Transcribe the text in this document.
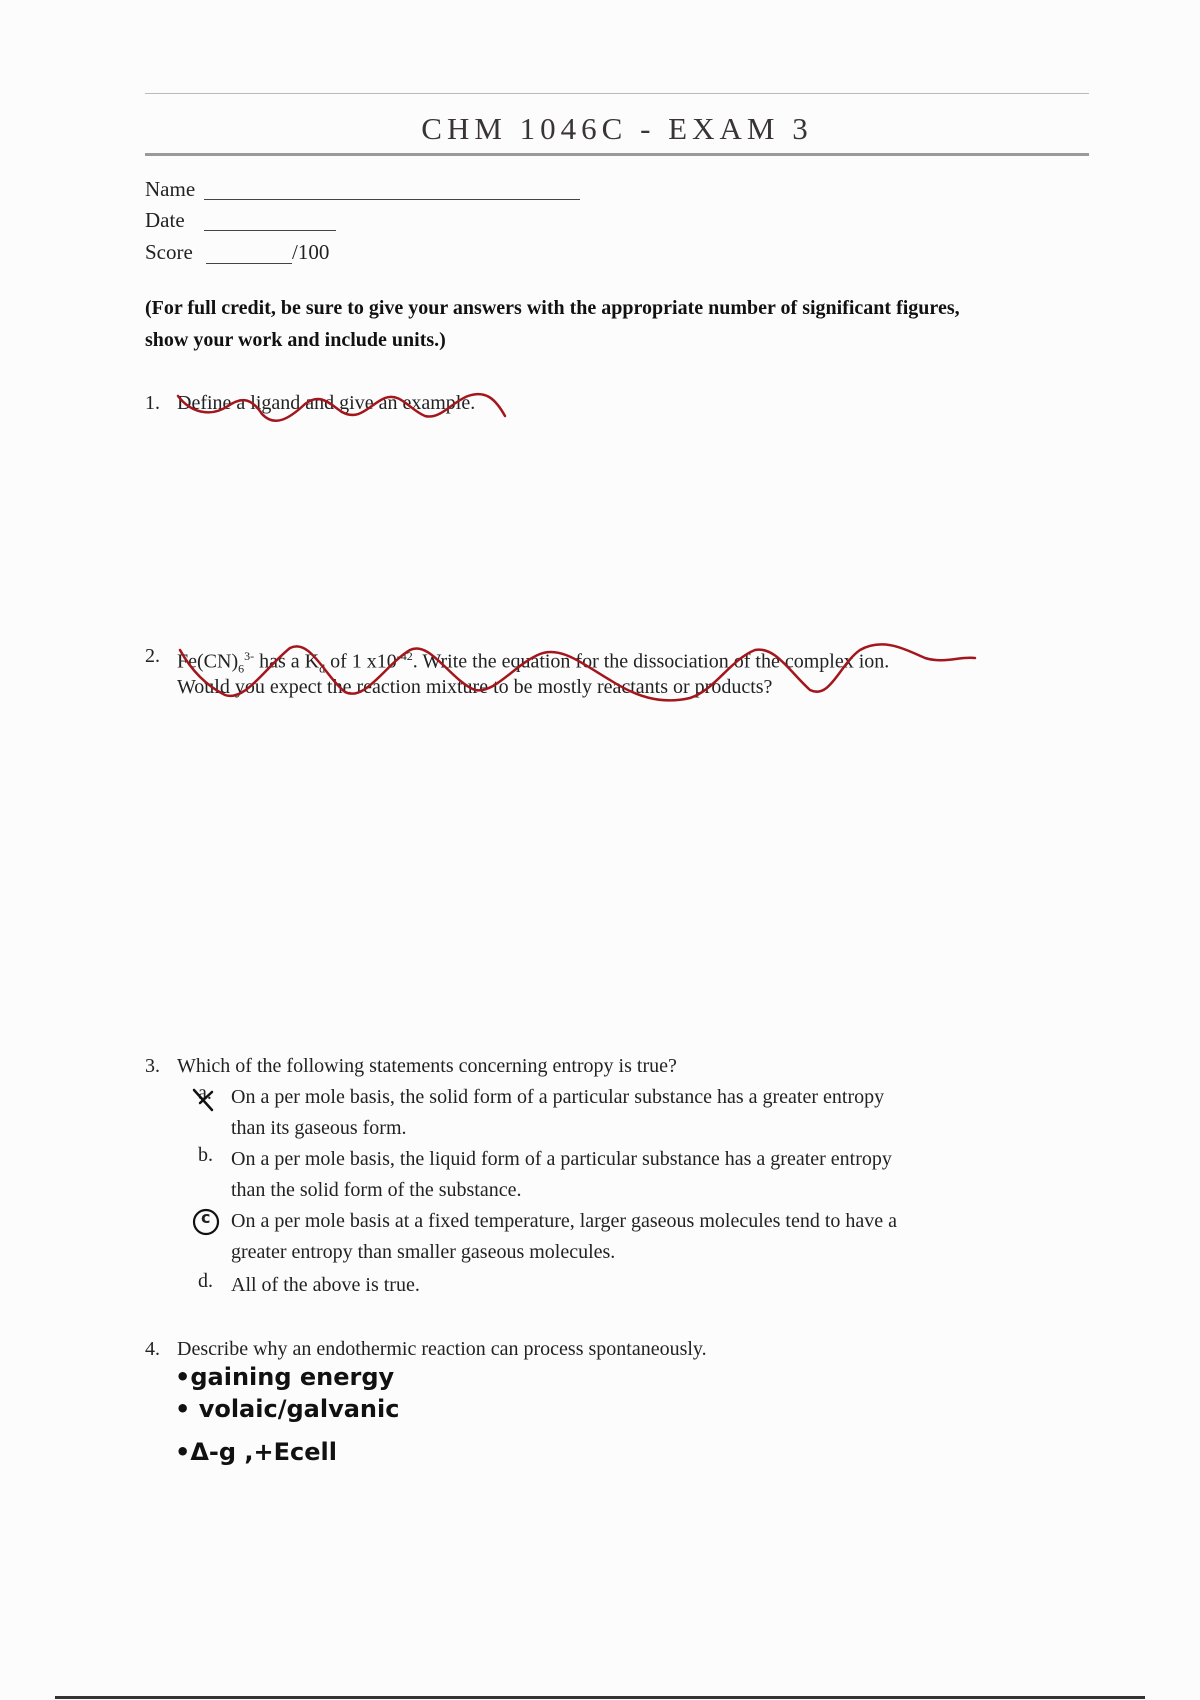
CHM 1046C - EXAM 3
Name
Date
Score	/100
(For full credit, be sure to give your answers with the appropriate number of significant figures, show your work and include units.)
1. Define a ligand and give an example.
2. $Fe(CN)_6^{3-}$ has a $K_d$ of 1 $x10^{-42}$. Write the equation for the dissociation of the complex ion.
Would you expect the reaction mixture to be mostly reactants or products?
3. Which of the following statements concerning entropy is true?
a. On a per mole basis, the solid form of a particular substance has a greater entropy
than its gaseous form.
b. On a per mole basis, the liquid form of a particular substance has a greater entropy
than the solid form of the substance.
c On a per mole basis at a fixed temperature, larger gaseous molecules tend to have a
greater entropy than smaller gaseous molecules.
d. All of the above is true.
4. Describe why an endothermic reaction can process spontaneously.
•gaining energy
• volaic/galvanic
•Δ-g ,+Ecell
